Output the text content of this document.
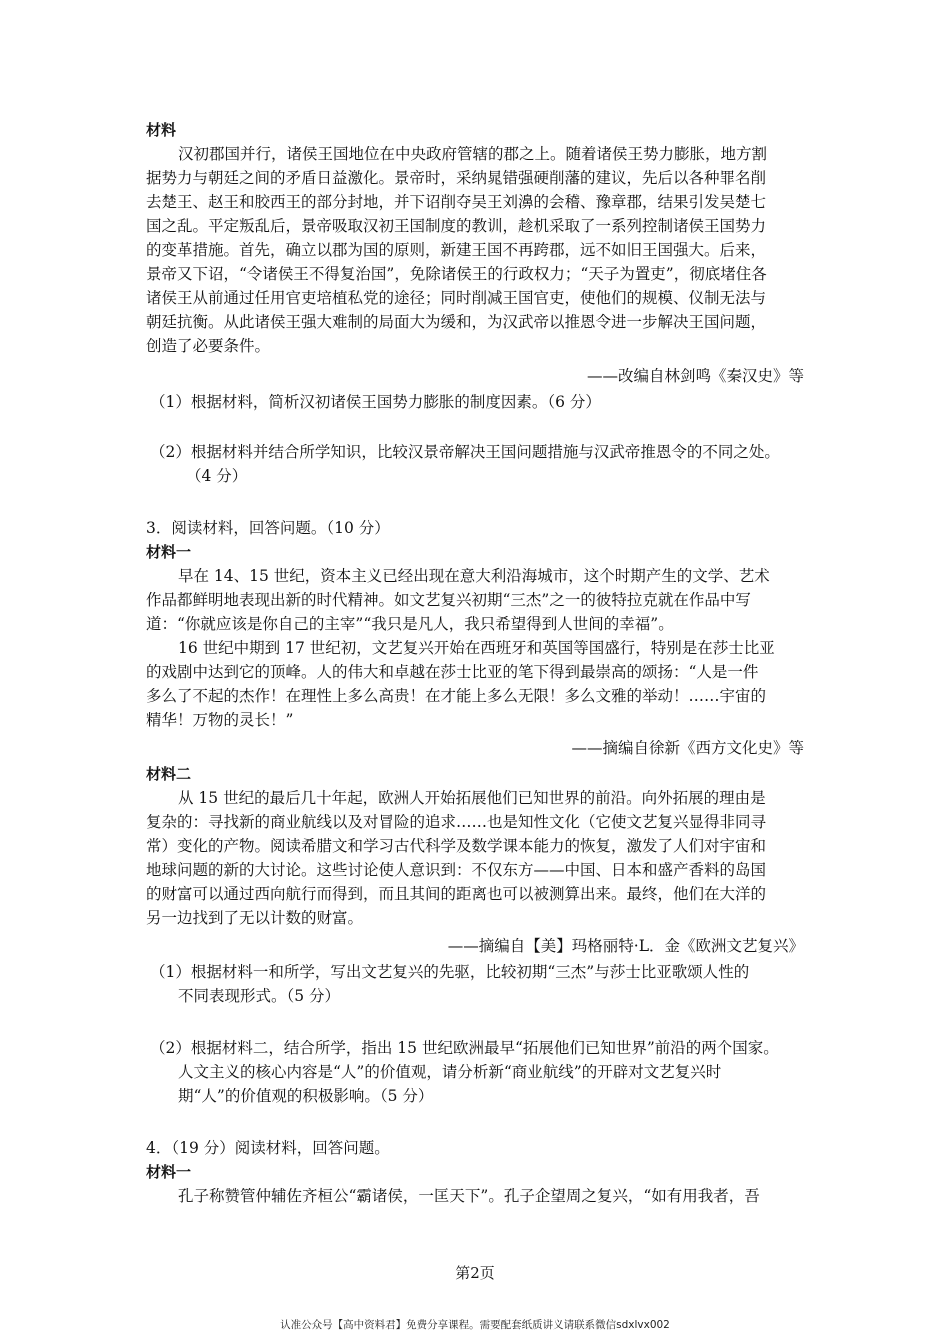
材料
汉初郡国并行，诸侯王国地位在中央政府管辖的郡之上。随着诸侯王势力膨胀，地方割
据势力与朝廷之间的矛盾日益激化。景帝时，采纳晁错强硬削藩的建议，先后以各种罪名削
去楚王、赵王和胶西王的部分封地，并下诏削夺吴王刘濞的会稽、豫章郡，结果引发吴楚七
国之乱。平定叛乱后，景帝吸取汉初王国制度的教训，趁机采取了一系列控制诸侯王国势力
的变革措施。首先，确立以郡为国的原则，新建王国不再跨郡，远不如旧王国强大。后来，
景帝又下诏，“令诸侯王不得复治国”，免除诸侯王的行政权力；“天子为置吏”，彻底堵住各
诸侯王从前通过任用官吏培植私党的途径；同时削减王国官吏，使他们的规模、仪制无法与
朝廷抗衡。从此诸侯王强大难制的局面大为缓和，为汉武帝以推恩令进一步解决王国问题，
创造了必要条件。
——改编自林剑鸣《秦汉史》等
（1）根据材料，简析汉初诸侯王国势力膨胀的制度因素。（6 分）
（2）根据材料并结合所学知识，比较汉景帝解决王国问题措施与汉武帝推恩令的不同之处。
（4 分）
3．阅读材料，回答问题。（10 分）
材料一
早在 14、15 世纪，资本主义已经出现在意大利沿海城市，这个时期产生的文学、艺术
作品都鲜明地表现出新的时代精神。如文艺复兴初期“三杰”之一的彼特拉克就在作品中写
道：“你就应该是你自己的主宰”“我只是凡人，我只希望得到人世间的幸福”。
16 世纪中期到 17 世纪初，文艺复兴开始在西班牙和英国等国盛行，特别是在莎士比亚
的戏剧中达到它的顶峰。人的伟大和卓越在莎士比亚的笔下得到最崇高的颂扬：“人是一件
多么了不起的杰作！在理性上多么高贵！在才能上多么无限！多么文雅的举动！……宇宙的
精华！万物的灵长！”
——摘编自徐新《西方文化史》等
材料二
从 15 世纪的最后几十年起，欧洲人开始拓展他们已知世界的前沿。向外拓展的理由是
复杂的：寻找新的商业航线以及对冒险的追求……也是知性文化（它使文艺复兴显得非同寻
常）变化的产物。阅读希腊文和学习古代科学及数学课本能力的恢复，激发了人们对宇宙和
地球问题的新的大讨论。这些讨论使人意识到：不仅东方——中国、日本和盛产香料的岛国
的财富可以通过西向航行而得到，而且其间的距离也可以被测算出来。最终，他们在大洋的
另一边找到了无以计数的财富。
——摘编自【美】玛格丽特·L．金《欧洲文艺复兴》
（1）根据材料一和所学，写出文艺复兴的先驱，比较初期“三杰”与莎士比亚歌颂人性的
不同表现形式。（5 分）
（2）根据材料二，结合所学，指出 15 世纪欧洲最早“拓展他们已知世界”前沿的两个国家。
人文主义的核心内容是“人”的价值观，请分析新“商业航线”的开辟对文艺复兴时
期“人”的价值观的积极影响。（5 分）
4．（19 分）阅读材料，回答问题。
材料一
孔子称赞管仲辅佐齐桓公“霸诸侯，一匡天下”。孔子企望周之复兴，“如有用我者，吾
第2页
认准公众号【高中资料君】免费分享课程。需要配套纸质讲义请联系微信sdxlvx002
